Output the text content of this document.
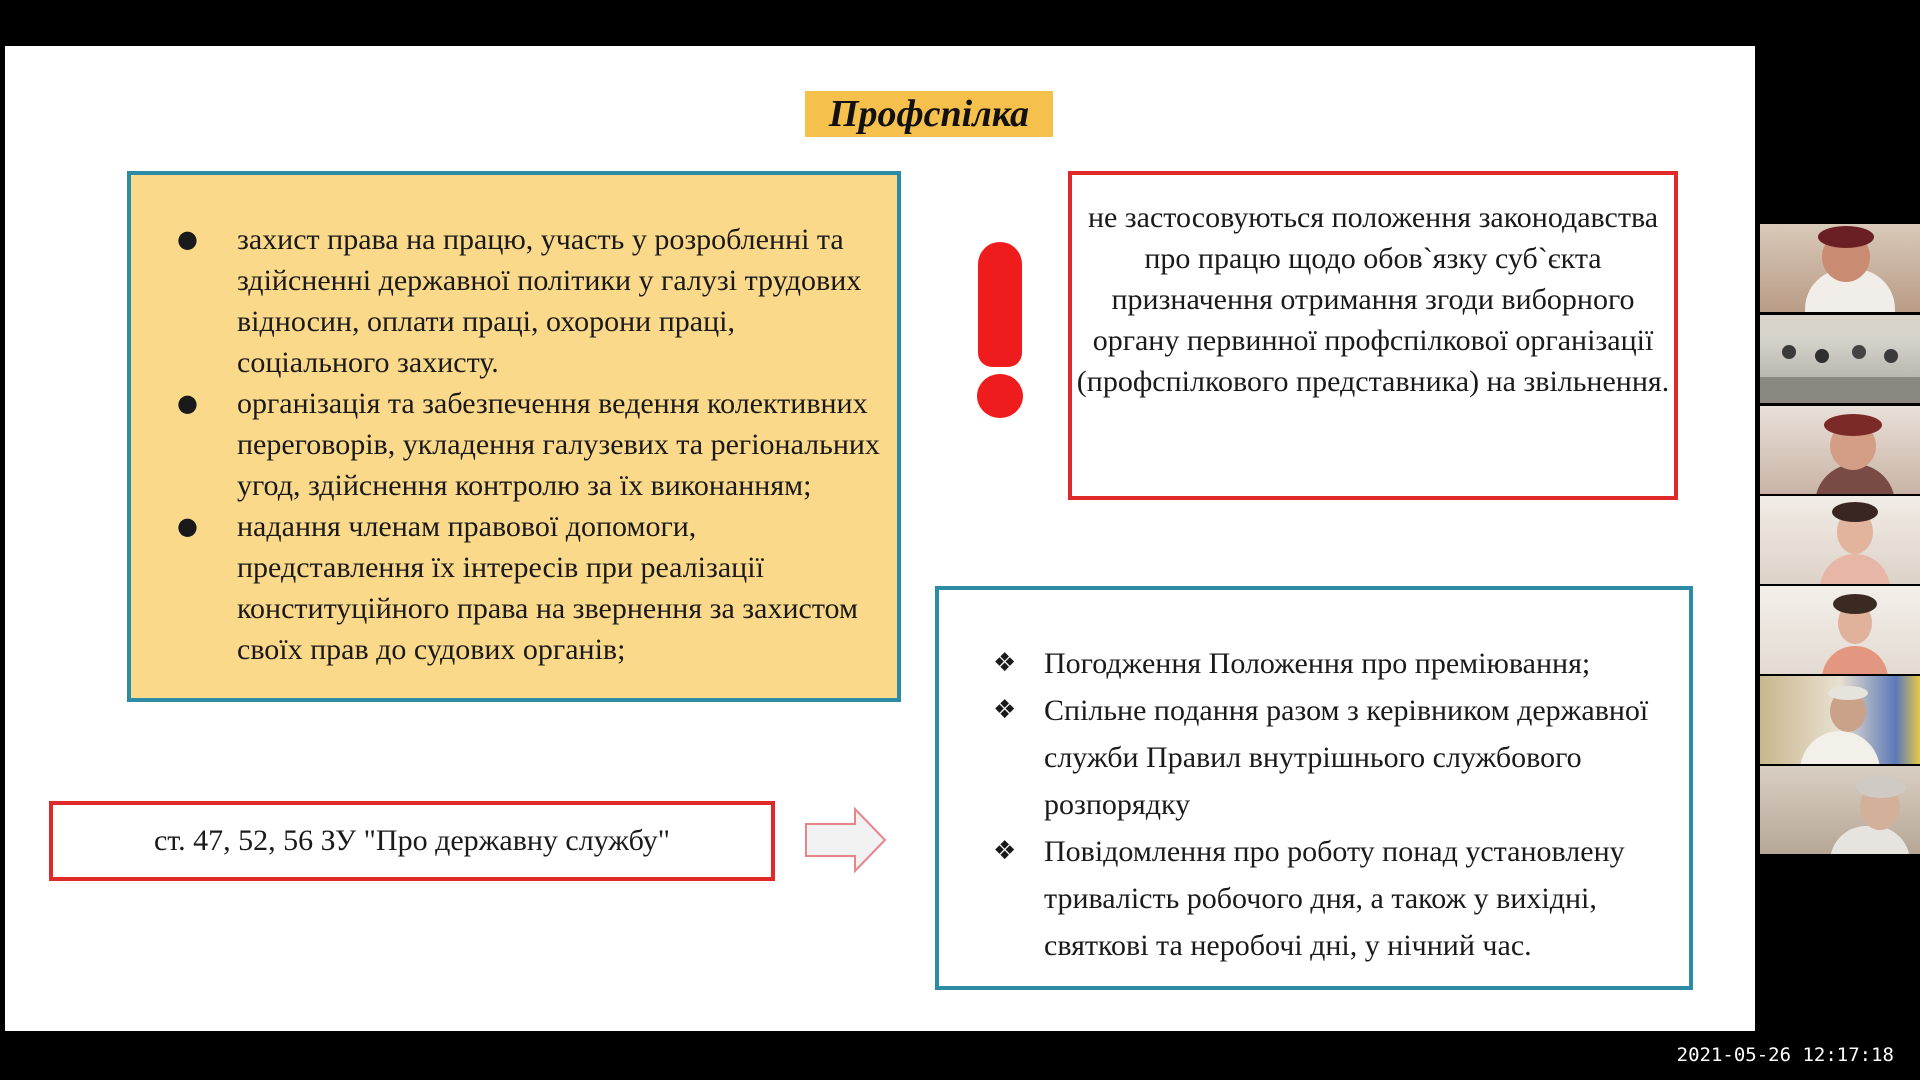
Профспілка
● захист права на працю, участь у розробленні та здійсненні державної політики у галузі трудових відносин, оплати праці, охорони праці, соціального захисту.
● організація та забезпечення ведення колективних переговорів, укладення галузевих та регіональних угод, здійснення контролю за їх виконанням;
● надання членам правової допомоги, представлення їх інтересів при реалізації конституційного права на звернення за захистом своїх прав до судових органів;
не застосовуються положення законодавства про працю щодо обов`язку суб`єкта призначення отримання згоди виборного органу первинної профспілкової організації (профспілкового представника) на звільнення.
ст. 47, 52, 56 ЗУ "Про державну службу"
❖ Погодження Положення про преміювання;
❖ Спільне подання разом з керівником державної служби Правил внутрішнього службового розпорядку
❖ Повідомлення про роботу понад установлену тривалість робочого дня, а також у вихідні, святкові та неробочі дні, у нічний час.
2021-05-26 12:17:18
